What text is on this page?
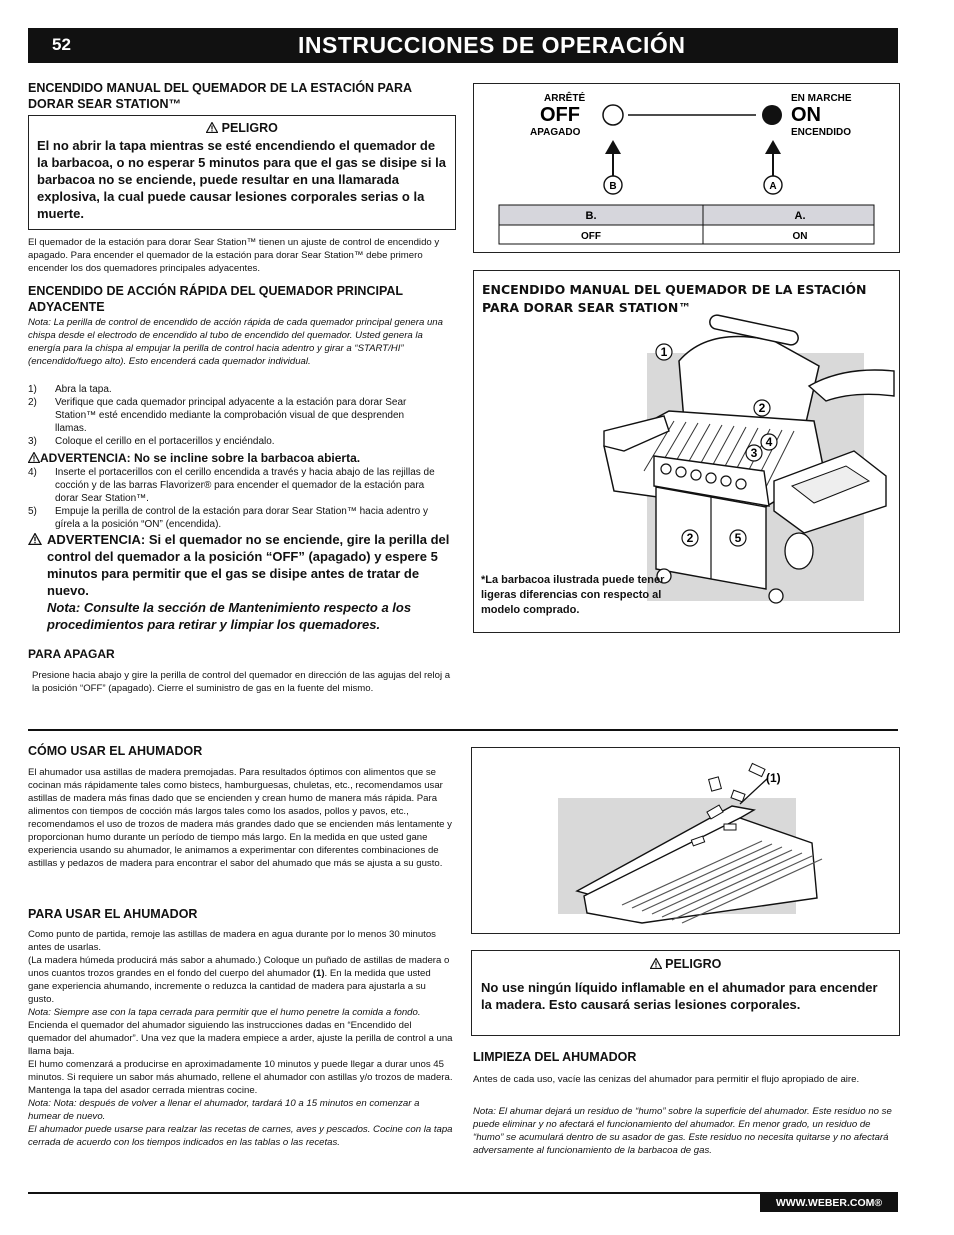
52	INSTRUCCIONES DE OPERACIÓN
ENCENDIDO MANUAL DEL QUEMADOR DE LA ESTACIÓN PARA DORAR SEAR STATION™
PELIGRO
El no abrir la tapa mientras se esté encendiendo el quemador de la barbacoa, o no esperar 5 minutos para que el gas se disipe si la barbacoa no se enciende, puede resultar en una llamarada explosiva, la cual puede causar lesiones corporales serias o la muerte.
El quemador de la estación para dorar Sear Station™ tienen un ajuste de control de encendido y apagado. Para encender el quemador de la estación para dorar Sear Station™ debe primero encender los dos quemadores principales adyacentes.
ENCENDIDO DE ACCIÓN RÁPIDA DEL QUEMADOR PRINCIPAL ADYACENTE
Nota: La perilla de control de encendido de acción rápida de cada quemador principal genera una chispa desde el electrodo de encendido al tubo de encendido del quemador. Usted genera la energía para la chispa al empujar la perilla de control hacia adentro y girar a “START/HI” (encendido/fuego alto). Esto encenderá cada quemador individual.
1)	Abra la tapa.
2)	Verifique que cada quemador principal adyacente a la estación para dorar Sear Station™ esté encendido mediante la comprobación visual de que desprenden llamas.
3)	Coloque el cerillo en el portacerillos y enciéndalo.
ADVERTENCIA: No se incline sobre la barbacoa abierta.
4)	Inserte el portacerillos con el cerillo encendida a través y hacia abajo de las rejillas de cocción y de las barras Flavorizer® para encender el quemador de la estación para dorar Sear Station™.
5)	Empuje la perilla de control de la estación para dorar Sear Station™ hacia adentro y gírela a la posición “ON” (encendida).
ADVERTENCIA: Si el quemador no se enciende, gire la perilla del control del quemador a la posición “OFF” (apagado) y espere 5 minutos para permitir que el gas se disipe antes de tratar de nuevo.
Nota: Consulte la sección de Mantenimiento respecto a los procedimientos para retirar y limpiar los quemadores.
PARA APAGAR
Presione hacia abajo y gire la perilla de control del quemador en dirección de las agujas del reloj a la posición “OFF” (apagado). Cierre el suministro de gas en la fuente del mismo.
ARRÊTÉ
OFF
APAGADO
EN MARCHE
ON
ENCENDIDO
B	A
B.	A.
OFF	ON
ENCENDIDO MANUAL DEL QUEMADOR DE LA ESTACIÓN PARA DORAR SEAR STATION™
1
2
3
4
2	5
*La barbacoa ilustrada puede tener ligeras diferencias con respecto al modelo comprado.
CÓMO USAR EL AHUMADOR
El ahumador usa astillas de madera premojadas. Para resultados óptimos con alimentos que se cocinan más rápidamente tales como bistecs, hamburguesas, chuletas, etc., recomendamos usar astillas de madera más finas dado que se encienden y crean humo de manera más rápida. Para alimentos con tiempos de cocción más largos tales como los asados, pollos y pavos, etc., recomendamos el uso de trozos de madera más grandes dado que se encienden más lentamente y proporcionan humo durante un período de tiempo más largo. En la medida en que usted gane experiencia usando su ahumador, le animamos a experimentar con diferentes combinaciones de astillas y pedazos de madera para encontrar el sabor del ahumado que más se ajusta a su gusto.
PARA USAR EL AHUMADOR
Como punto de partida, remoje las astillas de madera en agua durante por lo menos 30 minutos antes de usarlas.
(La madera húmeda producirá más sabor a ahumado.) Coloque un puñado de astillas de madera o unos cuantos trozos grandes en el fondo del cuerpo del ahumador (1). En la medida que usted gane experiencia ahumando, incremente o reduzca la cantidad de madera para ajustarla a su gusto.
Nota: Siempre ase con la tapa cerrada para permitir que el humo penetre la comida a fondo.
Encienda el quemador del ahumador siguiendo las instrucciones dadas en “Encendido del quemador del ahumador”. Una vez que la madera empiece a arder, ajuste la perilla de control a una llama baja.
El humo comenzará a producirse en aproximadamente 10 minutos y puede llegar a durar unos 45 minutos. Si requiere un sabor más ahumado, rellene el ahumador con astillas y/o trozos de madera. Mantenga la tapa del asador cerrada mientras cocine.
Nota: Nota: después de volver a llenar el ahumador, tardará 10 a 15 minutos en comenzar a humear de nuevo.
El ahumador puede usarse para realzar las recetas de carnes, aves y pescados. Cocine con la tapa cerrada de acuerdo con los tiempos indicados en las tablas o las recetas.
(1)
PELIGRO
No use ningún líquido inflamable en el ahumador para encender la madera. Esto causará serias lesiones corporales.
LIMPIEZA DEL AHUMADOR
Antes de cada uso, vacíe las cenizas del ahumador para permitir el flujo apropiado de aire.
Nota: El ahumar dejará un residuo de “humo” sobre la superficie del ahumador. Este residuo no se puede eliminar y no afectará el funcionamiento del ahumador. En menor grado, un residuo de “humo” se acumulará dentro de su asador de gas. Este residuo no necesita quitarse y no afectará adversamente al funcionamiento de la barbacoa de gas.
WWW.WEBER.COM®
